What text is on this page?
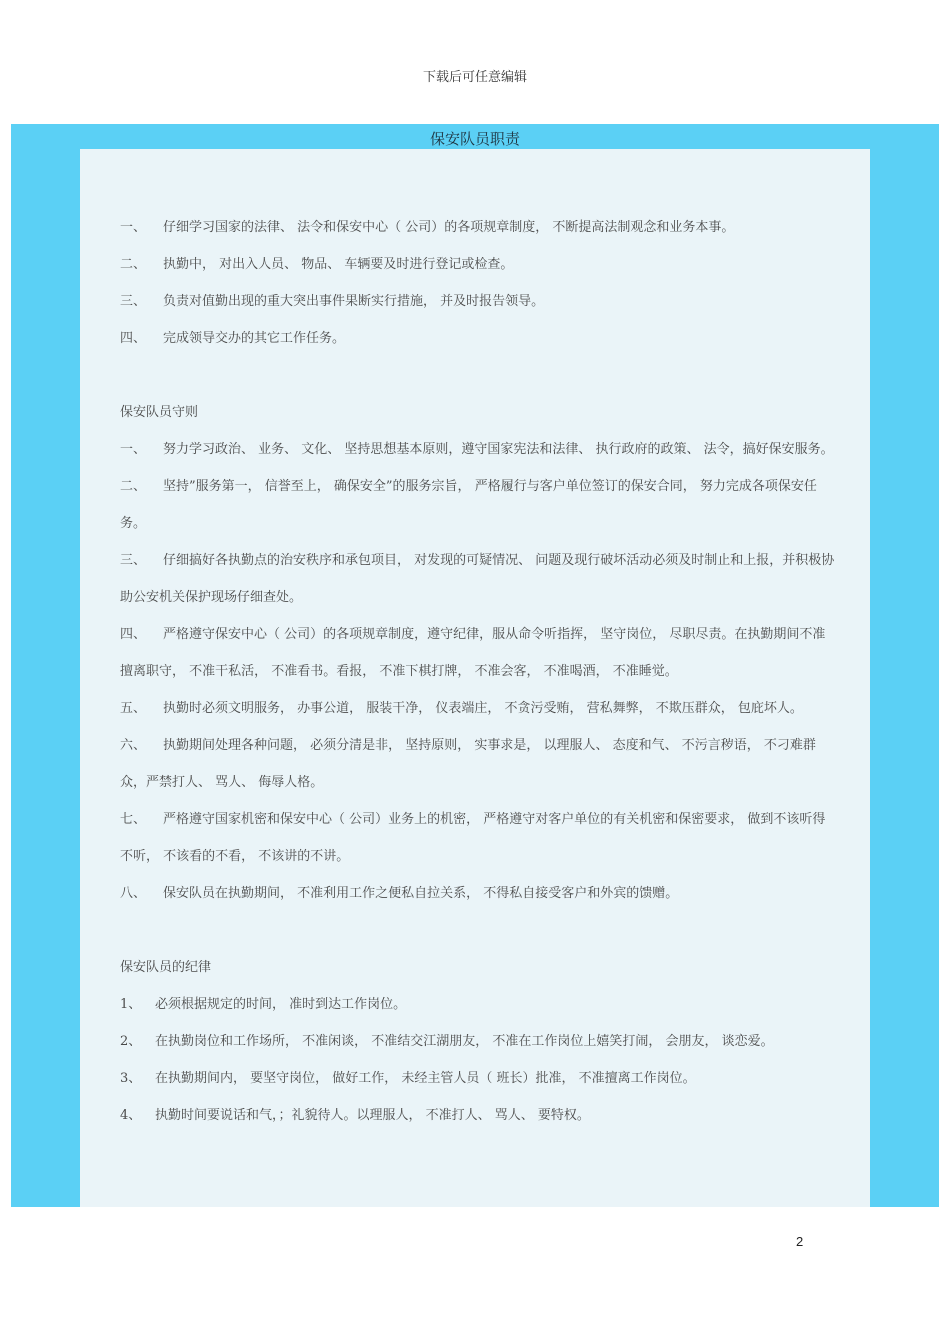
下载后可任意编辑
保安队员职责

一、 仔细学习国家的法律、 法令和保安中心（ 公司）的各项规章制度， 不断提高法制观念和业务本事。

二、 执勤中， 对出入人员、 物品、 车辆要及时进行登记或检查。

三、 负责对值勤出现的重大突出事件果断实行措施， 并及时报告领导。

四、 完成领导交办的其它工作任务。

保安队员守则

一、 努力学习政治、 业务、 文化、 坚持思想基本原则，遵守国家宪法和法律、 执行政府的政策、 法令，搞好保安服务。

二、 坚持”服务第一， 信誉至上， 确保安全”的服务宗旨， 严格履行与客户单位签订的保安合同， 努力完成各项保安任务。

三、 仔细搞好各执勤点的治安秩序和承包项目， 对发现的可疑情况、 问题及现行破坏活动必须及时制止和上报，并积极协助公安机关保护现场仔细查处。

四、 严格遵守保安中心（ 公司）的各项规章制度，遵守纪律，服从命令听指挥， 坚守岗位， 尽职尽责。在执勤期间不准擅离职守， 不准干私活， 不准看书。看报， 不准下棋打牌， 不准会客， 不准喝酒， 不准睡觉。

五、 执勤时必须文明服务， 办事公道， 服装干净， 仪表端庄， 不贪污受贿， 营私舞弊， 不欺压群众， 包庇坏人。

六、 执勤期间处理各种问题， 必须分清是非， 坚持原则， 实事求是， 以理服人、 态度和气、 不污言秽语， 不刁难群众，严禁打人、 骂人、 侮辱人格。

七、 严格遵守国家机密和保安中心（ 公司）业务上的机密， 严格遵守对客户单位的有关机密和保密要求， 做到不该听得不听， 不该看的不看， 不该讲的不讲。

八、 保安队员在执勤期间， 不准利用工作之便私自拉关系， 不得私自接受客户和外宾的馈赠。

保安队员的纪律

1、 必须根据规定的时间， 准时到达工作岗位。

2、 在执勤岗位和工作场所， 不准闲谈， 不准结交江湖朋友， 不准在工作岗位上嬉笑打闹， 会朋友， 谈恋爱。

3、 在执勤期间内， 要坚守岗位， 做好工作， 未经主管人员（ 班长）批准， 不准擅离工作岗位。

4、 执勤时间要说话和气，；礼貌待人。以理服人， 不准打人、 骂人、 要特权。

2
